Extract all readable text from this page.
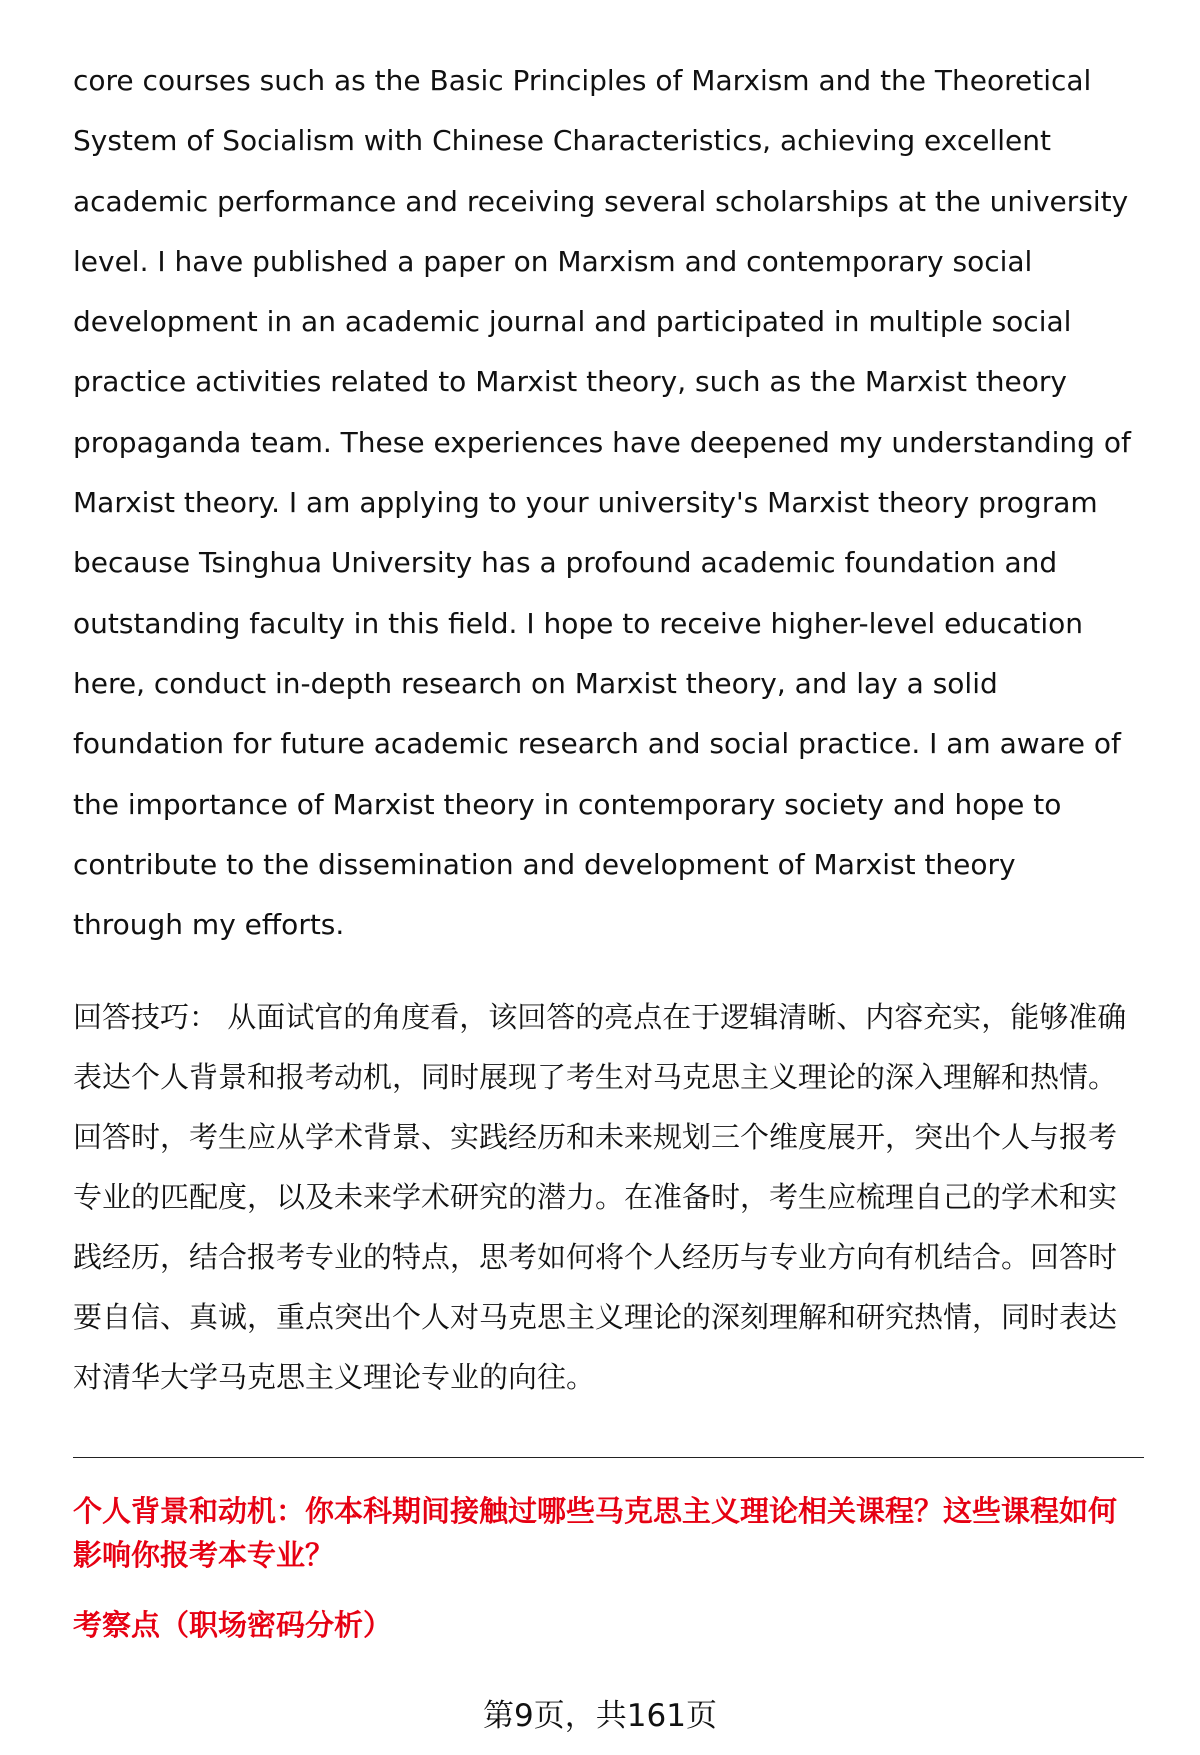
core courses such as the Basic Principles of Marxism and the Theoretical
System of Socialism with Chinese Characteristics, achieving excellent
academic performance and receiving several scholarships at the university
level. I have published a paper on Marxism and contemporary social
development in an academic journal and participated in multiple social
practice activities related to Marxist theory, such as the Marxist theory
propaganda team. These experiences have deepened my understanding of
Marxist theory. I am applying to your university's Marxist theory program
because Tsinghua University has a profound academic foundation and
outstanding faculty in this field. I hope to receive higher-level education
here, conduct in-depth research on Marxist theory, and lay a solid
foundation for future academic research and social practice. I am aware of
the importance of Marxist theory in contemporary society and hope to
contribute to the dissemination and development of Marxist theory
through my efforts.
回答技巧： 从面试官的角度看，该回答的亮点在于逻辑清晰、内容充实，能够准确
表达个人背景和报考动机，同时展现了考生对马克思主义理论的深入理解和热情。
回答时，考生应从学术背景、实践经历和未来规划三个维度展开，突出个人与报考
专业的匹配度，以及未来学术研究的潜力。在准备时，考生应梳理自己的学术和实
践经历，结合报考专业的特点，思考如何将个人经历与专业方向有机结合。回答时
要自信、真诚，重点突出个人对马克思主义理论的深刻理解和研究热情，同时表达
对清华大学马克思主义理论专业的向往。
个人背景和动机：你本科期间接触过哪些马克思主义理论相关课程？这些课程如何
影响你报考本专业？
考察点（职场密码分析）
第9页，共161页
